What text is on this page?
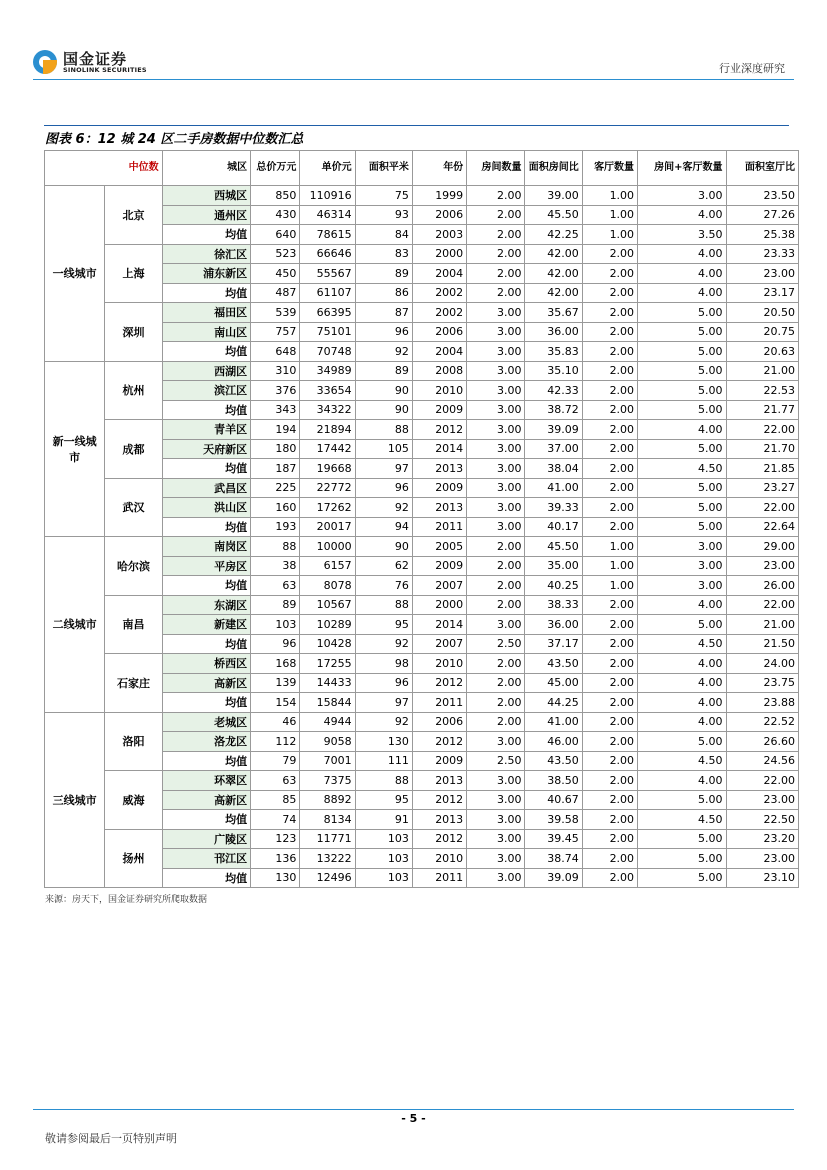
国金证券
SINOLINK SECURITIES	行业深度研究
图表 6：12 城 24 区二手房数据中位数汇总
中位数		城区	总价万元	单价元	面积平米	年份	房间数量	面积房间比	客厅数量	房间+客厅数量	面积室厅比
一线城市	北京	西城区	850	110916	75	1999	2.00	39.00	1.00	3.00	23.50
		通州区	430	46314	93	2006	2.00	45.50	1.00	4.00	27.26
		均值	640	78615	84	2003	2.00	42.25	1.00	3.50	25.38
	上海	徐汇区	523	66646	83	2000	2.00	42.00	2.00	4.00	23.33
		浦东新区	450	55567	89	2004	2.00	42.00	2.00	4.00	23.00
		均值	487	61107	86	2002	2.00	42.00	2.00	4.00	23.17
	深圳	福田区	539	66395	87	2002	3.00	35.67	2.00	5.00	20.50
		南山区	757	75101	96	2006	3.00	36.00	2.00	5.00	20.75
		均值	648	70748	92	2004	3.00	35.83	2.00	5.00	20.63
新一线城市	杭州	西湖区	310	34989	89	2008	3.00	35.10	2.00	5.00	21.00
		滨江区	376	33654	90	2010	3.00	42.33	2.00	5.00	22.53
		均值	343	34322	90	2009	3.00	38.72	2.00	5.00	21.77
	成都	青羊区	194	21894	88	2012	3.00	39.09	2.00	4.00	22.00
		天府新区	180	17442	105	2014	3.00	37.00	2.00	5.00	21.70
		均值	187	19668	97	2013	3.00	38.04	2.00	4.50	21.85
	武汉	武昌区	225	22772	96	2009	3.00	41.00	2.00	5.00	23.27
		洪山区	160	17262	92	2013	3.00	39.33	2.00	5.00	22.00
		均值	193	20017	94	2011	3.00	40.17	2.00	5.00	22.64
二线城市	哈尔滨	南岗区	88	10000	90	2005	2.00	45.50	1.00	3.00	29.00
		平房区	38	6157	62	2009	2.00	35.00	1.00	3.00	23.00
		均值	63	8078	76	2007	2.00	40.25	1.00	3.00	26.00
	南昌	东湖区	89	10567	88	2000	2.00	38.33	2.00	4.00	22.00
		新建区	103	10289	95	2014	3.00	36.00	2.00	5.00	21.00
		均值	96	10428	92	2007	2.50	37.17	2.00	4.50	21.50
	石家庄	桥西区	168	17255	98	2010	2.00	43.50	2.00	4.00	24.00
		高新区	139	14433	96	2012	2.00	45.00	2.00	4.00	23.75
		均值	154	15844	97	2011	2.00	44.25	2.00	4.00	23.88
三线城市	洛阳	老城区	46	4944	92	2006	2.00	41.00	2.00	4.00	22.52
		洛龙区	112	9058	130	2012	3.00	46.00	2.00	5.00	26.60
		均值	79	7001	111	2009	2.50	43.50	2.00	4.50	24.56
	威海	环翠区	63	7375	88	2013	3.00	38.50	2.00	4.00	22.00
		高新区	85	8892	95	2012	3.00	40.67	2.00	5.00	23.00
		均值	74	8134	91	2013	3.00	39.58	2.00	4.50	22.50
	扬州	广陵区	123	11771	103	2012	3.00	39.45	2.00	5.00	23.20
		邗江区	136	13222	103	2010	3.00	38.74	2.00	5.00	23.00
		均值	130	12496	103	2011	3.00	39.09	2.00	5.00	23.10
来源：房天下，国金证券研究所爬取数据
- 5 -
敬请参阅最后一页特别声明
